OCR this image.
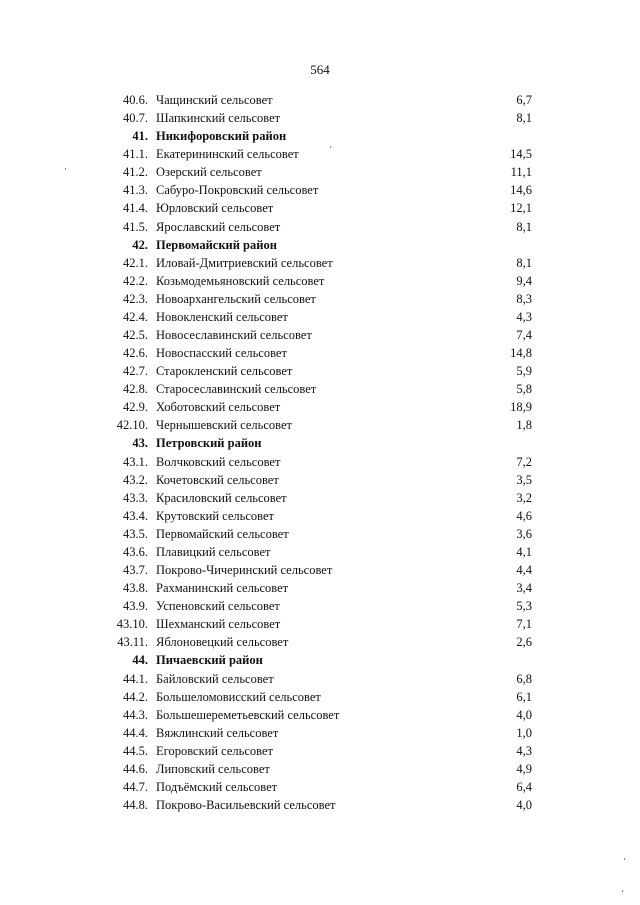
564
40.6. Чащинский сельсовет	6,7
40.7. Шапкинский сельсовет	8,1
41. Никифоровский район
41.1. Екатерининский сельсовет	14,5
41.2. Озерский сельсовет	11,1
41.3. Сабуро-Покровский сельсовет	14,6
41.4. Юрловский сельсовет	12,1
41.5. Ярославский сельсовет	8,1
42. Первомайский район
42.1. Иловай-Дмитриевский сельсовет	8,1
42.2. Козьмодемьяновский сельсовет	9,4
42.3. Новоархангельский сельсовет	8,3
42.4. Новокленский сельсовет	4,3
42.5. Новосеславинский сельсовет	7,4
42.6. Новоспасский сельсовет	14,8
42.7. Старокленский сельсовет	5,9
42.8. Старосеславинский сельсовет	5,8
42.9. Хоботовский сельсовет	18,9
42.10. Чернышевский сельсовет	1,8
43. Петровский район
43.1. Волчковский сельсовет	7,2
43.2. Кочетовский сельсовет	3,5
43.3. Красиловский сельсовет	3,2
43.4. Крутовский сельсовет	4,6
43.5. Первомайский сельсовет	3,6
43.6. Плавицкий сельсовет	4,1
43.7. Покрово-Чичеринский сельсовет	4,4
43.8. Рахманинский сельсовет	3,4
43.9. Успеновский сельсовет	5,3
43.10. Шехманский сельсовет	7,1
43.11. Яблоновецкий сельсовет	2,6
44. Пичаевский район
44.1. Байловский сельсовет	6,8
44.2. Большеломовисский сельсовет	6,1
44.3. Большешереметьевский сельсовет	4,0
44.4. Вяжлинский сельсовет	1,0
44.5. Егоровский сельсовет	4,3
44.6. Липовский сельсовет	4,9
44.7. Подъёмский сельсовет	6,4
44.8. Покрово-Васильевский сельсовет	4,0
